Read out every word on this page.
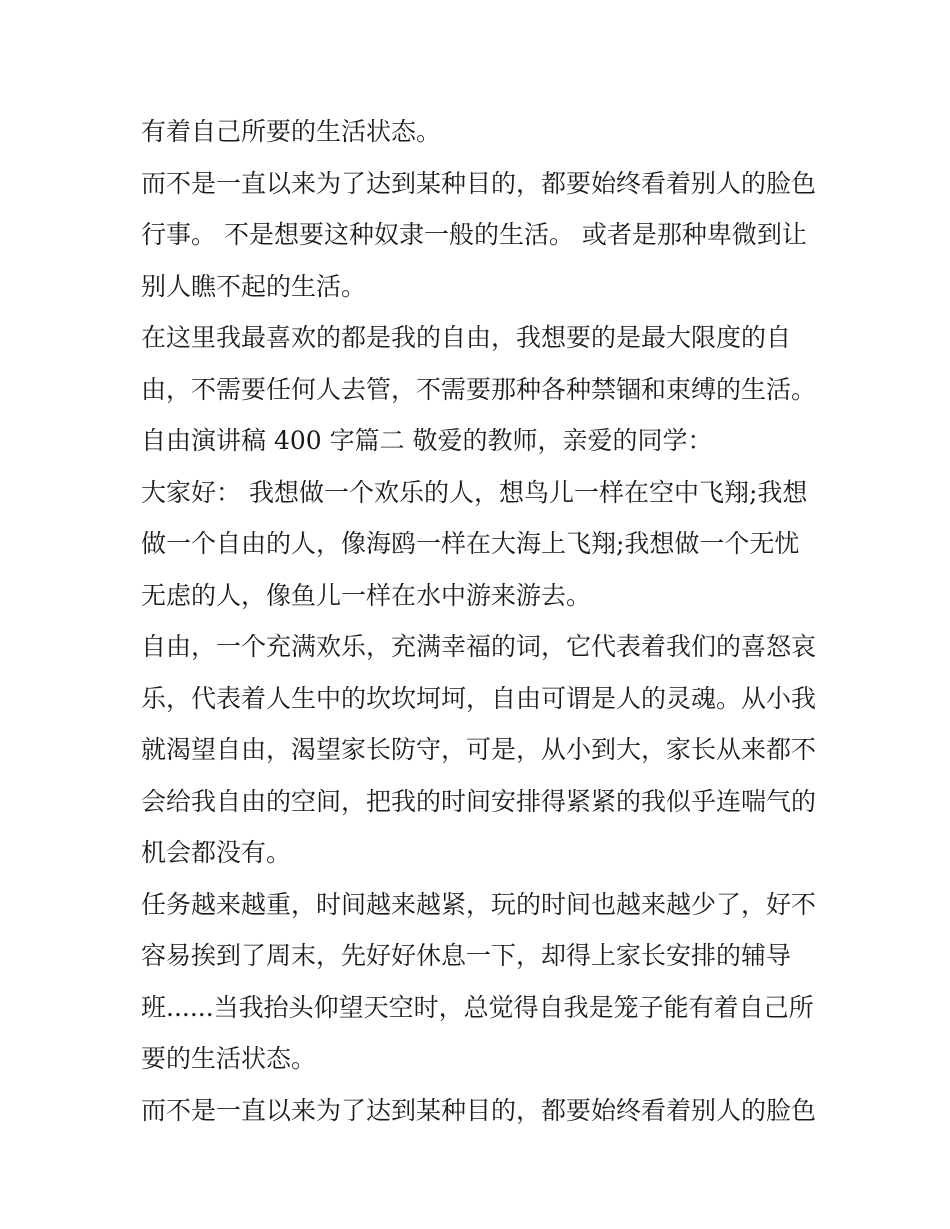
有着自己所要的生活状态。
而不是一直以来为了达到某种目的，都要始终看着别人的脸色
行事。 不是想要这种奴隶一般的生活。 或者是那种卑微到让
别人瞧不起的生活。
在这里我最喜欢的都是我的自由，我想要的是最大限度的自
由，不需要任何人去管，不需要那种各种禁锢和束缚的生活。
自由演讲稿 400 字篇二 敬爱的教师，亲爱的同学：
大家好： 我想做一个欢乐的人，想鸟儿一样在空中飞翔;我想
做一个自由的人，像海鸥一样在大海上飞翔;我想做一个无忧
无虑的人，像鱼儿一样在水中游来游去。
自由，一个充满欢乐，充满幸福的词，它代表着我们的喜怒哀
乐，代表着人生中的坎坎坷坷，自由可谓是人的灵魂。从小我
就渴望自由，渴望家长防守，可是，从小到大，家长从来都不
会给我自由的空间，把我的时间安排得紧紧的我似乎连喘气的
机会都没有。
任务越来越重，时间越来越紧，玩的时间也越来越少了，好不
容易挨到了周末，先好好休息一下，却得上家长安排的辅导
班......当我抬头仰望天空时，总觉得自我是笼子能有着自己所
要的生活状态。
而不是一直以来为了达到某种目的，都要始终看着别人的脸色
